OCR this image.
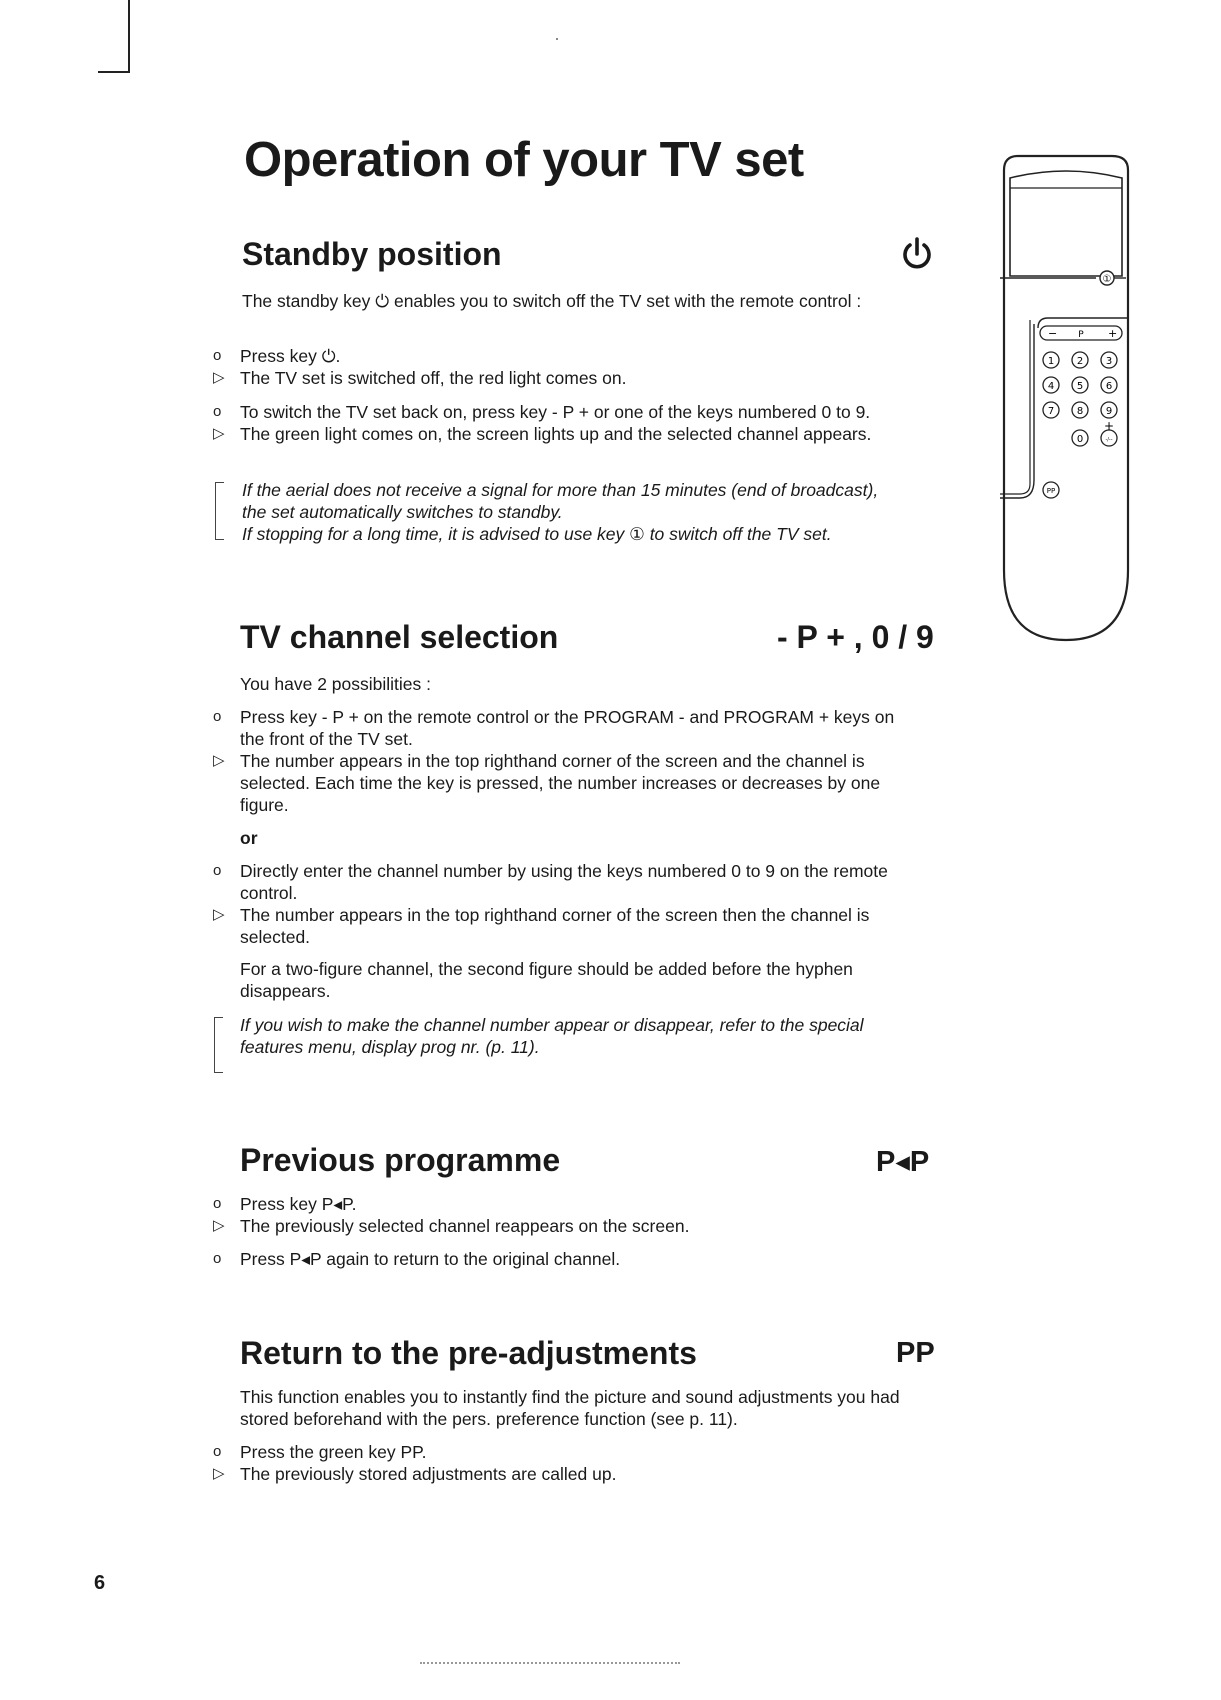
Operation of your TV set
Standby position
The standby key ⏻ enables you to switch off the TV set with the remote control :
o	Press key ⏻.
▷ The TV set is switched off, the red light comes on.
o	To switch the TV set back on, press key - P + or one of the keys numbered 0 to 9.
▷ The green light comes on, the screen lights up and the selected channel appears.
If the aerial does not receive a signal for more than 15 minutes (end of broadcast), the set automatically switches to standby.
If stopping for a long time, it is advised to use key ① to switch off the TV set.
TV channel selection	- P + , 0 / 9
You have 2 possibilities :
o	Press key - P + on the remote control or the PROGRAM - and PROGRAM + keys on the front of the TV set.
▷ The number appears in the top righthand corner of the screen and the channel is selected. Each time the key is pressed, the number increases or decreases by one figure.
or
o	Directly enter the channel number by using the keys numbered 0 to 9 on the remote control.
▷ The number appears in the top righthand corner of the screen then the channel is selected.
For a two-figure channel, the second figure should be added before the hyphen disappears.
If you wish to make the channel number appear or disappear, refer to the special features menu, display prog nr. (p. 11).
Previous programme	P◂P
o	Press key P◂P.
▷ The previously selected channel reappears on the screen.
o	Press P◂P again to return to the original channel.
Return to the pre-adjustments	PP
This function enables you to instantly find the picture and sound adjustments you had stored beforehand with the pers. preference function (see p. 11).
o	Press the green key PP.
▷ The previously stored adjustments are called up.
①
− P +
1 2 3
4 5 6
7 8 9
0	-/--
+
PP
6
